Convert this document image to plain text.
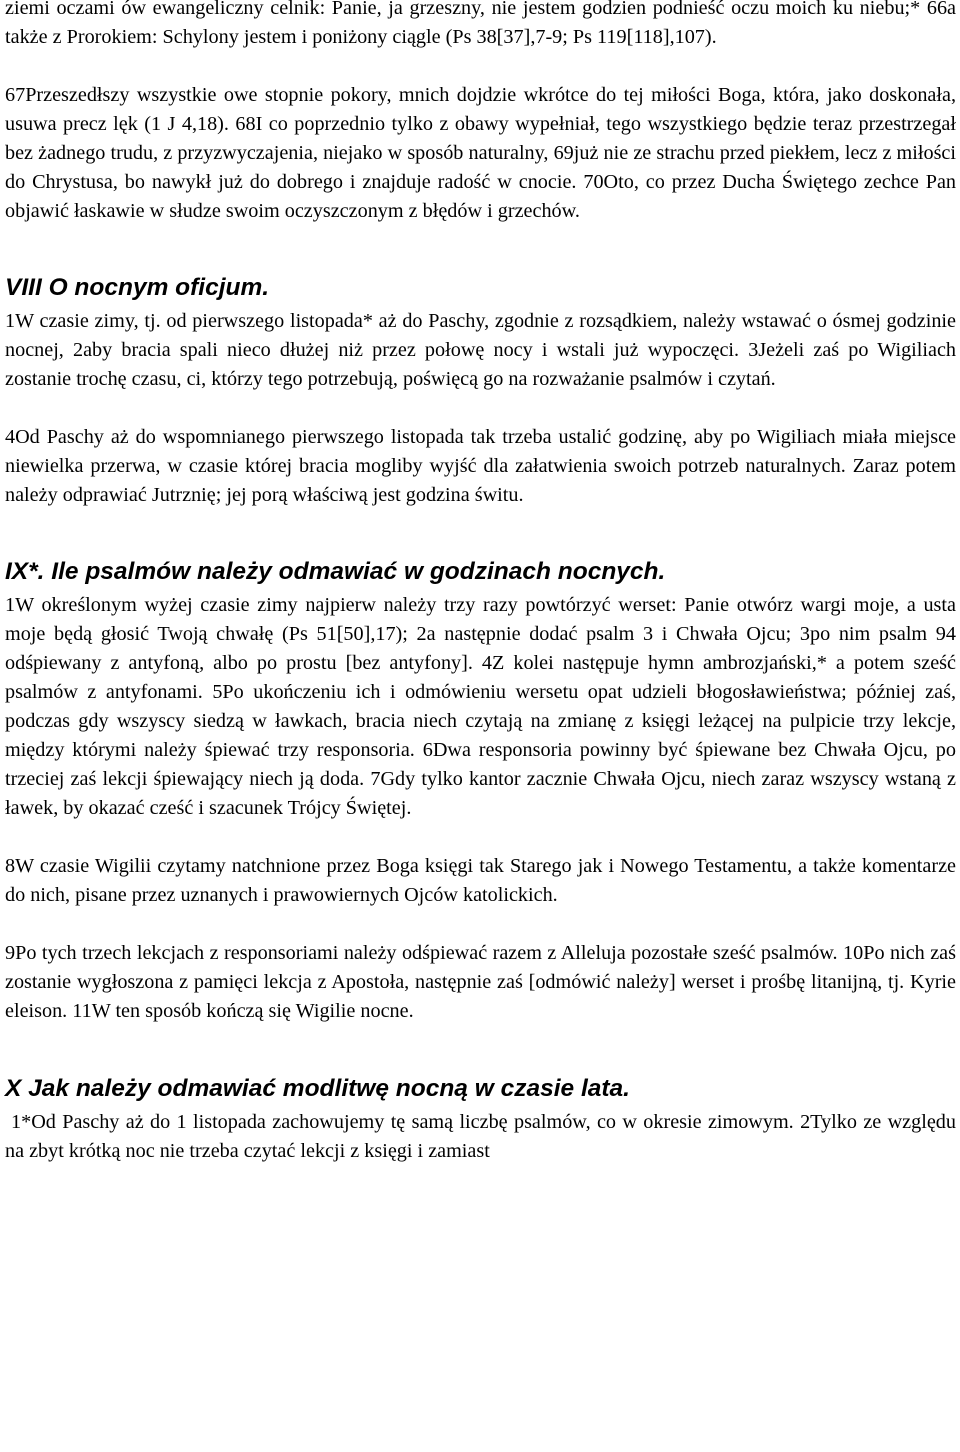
ziemi oczami ów ewangeliczny celnik: Panie, ja grzeszny, nie jestem godzien podnieść oczu moich ku niebu;* 66a także z Prorokiem: Schylony jestem i poniżony ciągle (Ps 38[37],7-9; Ps 119[118],107).

67Przeszedłszy wszystkie owe stopnie pokory, mnich dojdzie wkrótce do tej miłości Boga, która, jako doskonała, usuwa precz lęk (1 J 4,18). 68I co poprzednio tylko z obawy wypełniał, tego wszystkiego będzie teraz przestrzegał bez żadnego trudu, z przyzwyczajenia, niejako w sposób naturalny, 69już nie ze strachu przed piekłem, lecz z miłości do Chrystusa, bo nawykł już do dobrego i znajduje radość w cnocie. 70Oto, co przez Ducha Świętego zechce Pan objawić łaskawie w słudze swoim oczyszczonym z błędów i grzechów.

VIII O nocnym oficjum.

1W czasie zimy, tj. od pierwszego listopada* aż do Paschy, zgodnie z rozsądkiem, należy wstawać o ósmej godzinie nocnej, 2aby bracia spali nieco dłużej niż przez połowę nocy i wstali już wypoczęci. 3Jeżeli zaś po Wigiliach zostanie trochę czasu, ci, którzy tego potrzebują, poświęcą go na rozważanie psalmów i czytań.

4Od Paschy aż do wspomnianego pierwszego listopada tak trzeba ustalić godzinę, aby po Wigiliach miała miejsce niewielka przerwa, w czasie której bracia mogliby wyjść dla załatwienia swoich potrzeb naturalnych. Zaraz potem należy odprawiać Jutrznię; jej porą właściwą jest godzina świtu.

IX*. Ile psalmów należy odmawiać w godzinach nocnych.

1W określonym wyżej czasie zimy najpierw należy trzy razy powtórzyć werset: Panie otwórz wargi moje, a usta moje będą głosić Twoją chwałę (Ps 51[50],17); 2a następnie dodać psalm 3 i Chwała Ojcu; 3po nim psalm 94 odśpiewany z antyfoną, albo po prostu [bez antyfony]. 4Z kolei następuje hymn ambrozjański,* a potem sześć psalmów z antyfonami. 5Po ukończeniu ich i odmówieniu wersetu opat udzieli błogosławieństwa; później zaś, podczas gdy wszyscy siedzą w ławkach, bracia niech czytają na zmianę z księgi leżącej na pulpicie trzy lekcje, między którymi należy śpiewać trzy responsoria. 6Dwa responsoria powinny być śpiewane bez Chwała Ojcu, po trzeciej zaś lekcji śpiewający niech ją doda. 7Gdy tylko kantor zacznie Chwała Ojcu, niech zaraz wszyscy wstaną z ławek, by okazać cześć i szacunek Trójcy Świętej.

8W czasie Wigilii czytamy natchnione przez Boga księgi tak Starego jak i Nowego Testamentu, a także komentarze do nich, pisane przez uznanych i prawowiernych Ojców katolickich.

9Po tych trzech lekcjach z responsoriami należy odśpiewać razem z Alleluja pozostałe sześć psalmów. 10Po nich zaś zostanie wygłoszona z pamięci lekcja z Apostoła, następnie zaś [odmówić należy] werset i prośbę litanijną, tj. Kyrie eleison. 11W ten sposób kończą się Wigilie nocne.

X Jak należy odmawiać modlitwę nocną w czasie lata.

1*Od Paschy aż do 1 listopada zachowujemy tę samą liczbę psalmów, co w okresie zimowym. 2Tylko ze względu na zbyt krótką noc nie trzeba czytać lekcji z księgi i zamiast
